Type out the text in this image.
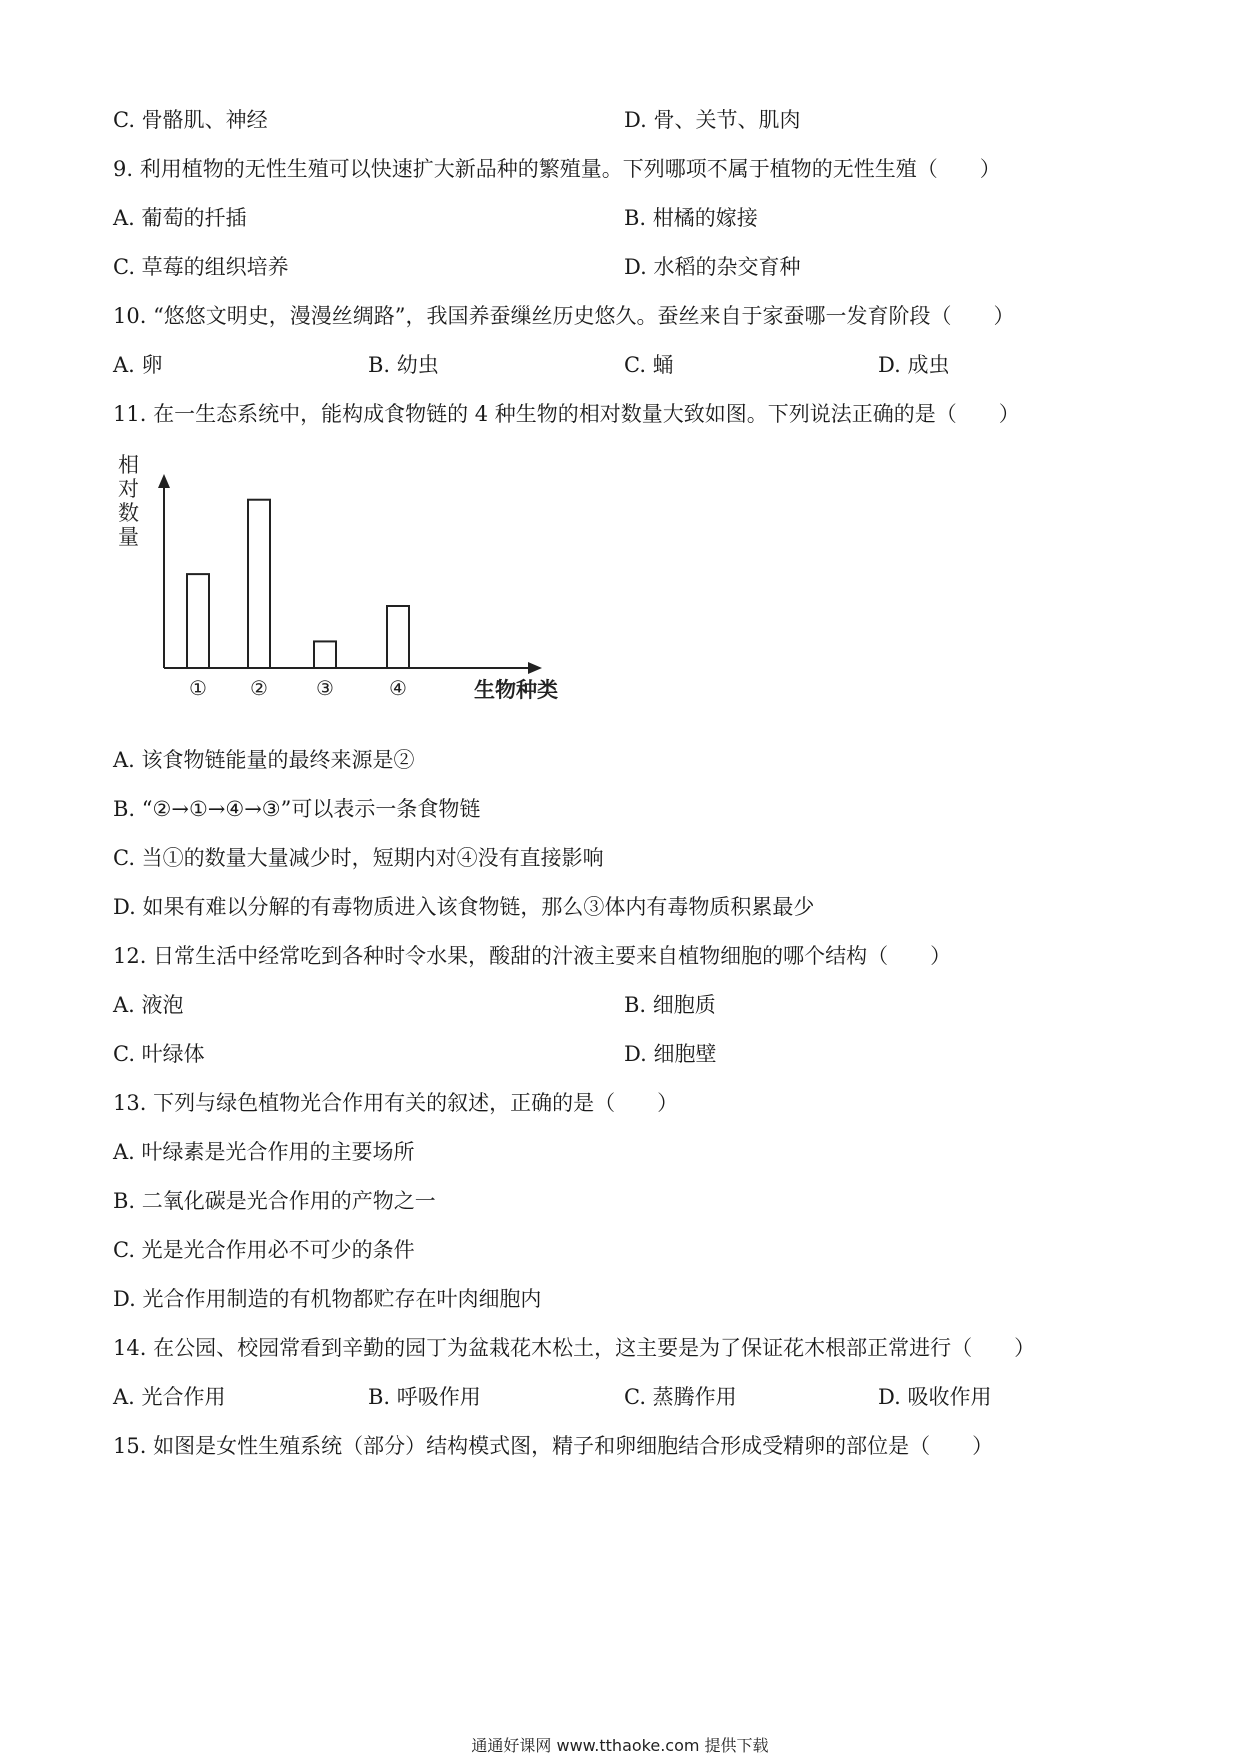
C. 骨骼肌、神经	D. 骨、关节、肌肉
9. 利用植物的无性生殖可以快速扩大新品种的繁殖量。下列哪项不属于植物的无性生殖（　　）
A. 葡萄的扦插	B. 柑橘的嫁接
C. 草莓的组织培养	D. 水稻的杂交育种
10. “悠悠文明史，漫漫丝绸路”，我国养蚕缫丝历史悠久。蚕丝来自于家蚕哪一发育阶段（　　）
A. 卵	B. 幼虫	C. 蛹	D. 成虫
11. 在一生态系统中，能构成食物链的 4 种生物的相对数量大致如图。下列说法正确的是（　　）
相对数量
① ② ③	④	生物种类
A. 该食物链能量的最终来源是②
B. “②→①→④→③”可以表示一条食物链
C. 当①的数量大量减少时，短期内对④没有直接影响
D. 如果有难以分解的有毒物质进入该食物链，那么③体内有毒物质积累最少
12. 日常生活中经常吃到各种时令水果，酸甜的汁液主要来自植物细胞的哪个结构（　　）
A. 液泡	B. 细胞质
C. 叶绿体	D. 细胞壁
13. 下列与绿色植物光合作用有关的叙述，正确的是（　　）
A. 叶绿素是光合作用的主要场所
B. 二氧化碳是光合作用的产物之一
C. 光是光合作用必不可少的条件
D. 光合作用制造的有机物都贮存在叶肉细胞内
14. 在公园、校园常看到辛勤的园丁为盆栽花木松土，这主要是为了保证花木根部正常进行（　　）
A. 光合作用	B. 呼吸作用	C. 蒸腾作用	D. 吸收作用
15. 如图是女性生殖系统（部分）结构模式图，精子和卵细胞结合形成受精卵的部位是（　　）
通通好课网 www.tthaoke.com 提供下载
